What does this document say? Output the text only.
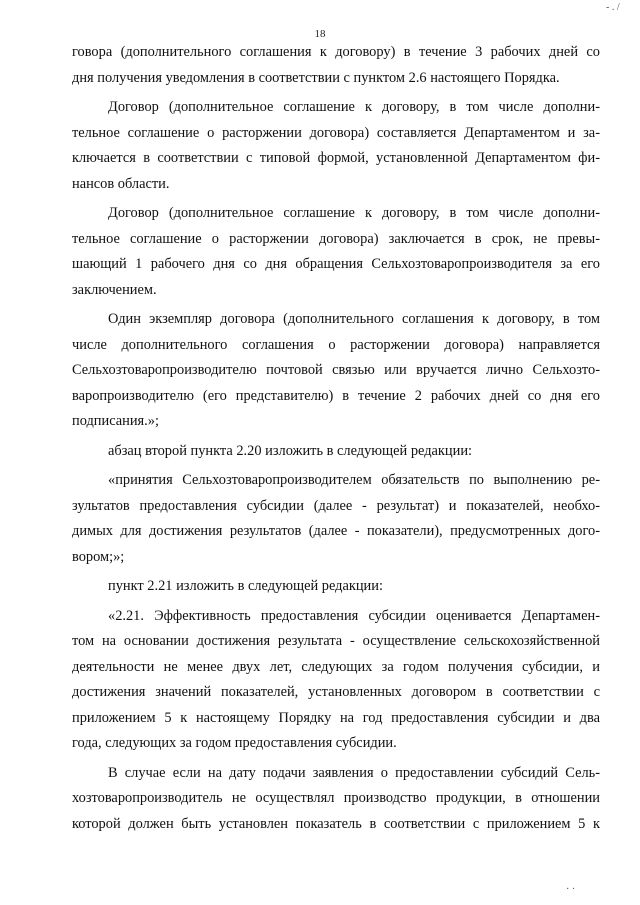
18
говора (дополнительного соглашения к договору) в течение 3 рабочих дней со
дня получения уведомления в соответствии с пунктом 2.6 настоящего Порядка.
Договор (дополнительное соглашение к договору, в том числе дополни-
тельное соглашение о расторжении договора) составляется Департаментом и за-
ключается в соответствии с типовой формой, установленной Департаментом фи-
нансов области.
Договор (дополнительное соглашение к договору, в том числе дополни-
тельное соглашение о расторжении договора) заключается в срок, не превы-
шающий 1 рабочего дня со дня обращения Сельхозтоваропроизводителя за его
заключением.
Один экземпляр договора (дополнительного соглашения к договору, в том
числе дополнительного соглашения о расторжении договора) направляется
Сельхозтоваропроизводителю почтовой связью или вручается лично Сельхозто-
варопроизводителю (его представителю) в течение 2 рабочих дней со дня его
подписания.»;
абзац второй пункта 2.20 изложить в следующей редакции:
«принятия Сельхозтоваропроизводителем обязательств по выполнению ре-
зультатов предоставления субсидии (далее - результат) и показателей, необхо-
димых для достижения результатов (далее - показатели), предусмотренных дого-
вором;»;
пункт 2.21 изложить в следующей редакции:
«2.21. Эффективность предоставления субсидии оценивается Департамен-
том на основании достижения результата - осуществление сельскохозяйственной
деятельности не менее двух лет, следующих за годом получения субсидии, и
достижения значений показателей, установленных договором в соответствии с
приложением 5 к настоящему Порядку на год предоставления субсидии и два
года, следующих за годом предоставления субсидии.
В случае если на дату подачи заявления о предоставлении субсидий Сель-
хозтоваропроизводитель не осуществлял производство продукции, в отношении
которой должен быть установлен показатель в соответствии с приложением 5 к
- . /
· ·
